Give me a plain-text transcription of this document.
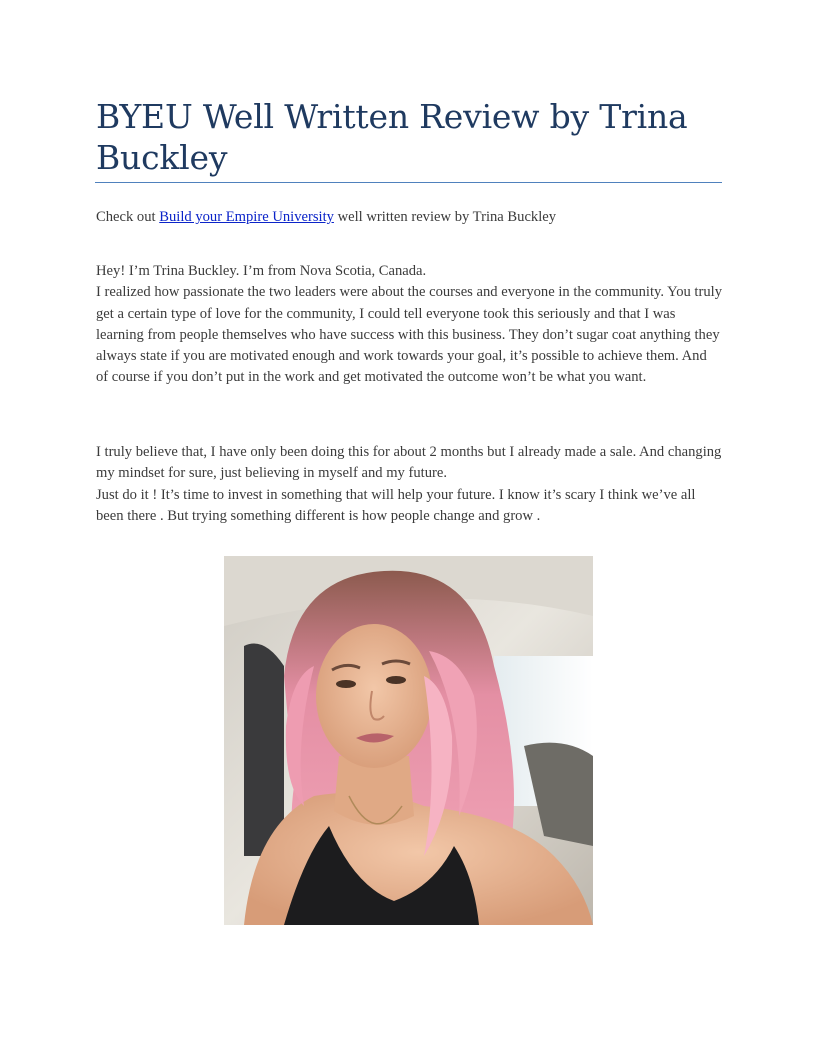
BYEU Well Written Review by Trina Buckley

Check out Build your Empire University well written review by Trina Buckley

Hey! I’m Trina Buckley. I’m from Nova Scotia, Canada.
I realized how passionate the two leaders were about the courses and everyone in the community. You truly get a certain type of love for the community, I could tell everyone took this seriously and that I was learning from people themselves who have success with this business. They don’t sugar coat anything they always state if you are motivated enough and work towards your goal, it’s possible to achieve them. And of course if you don’t put in the work and get motivated the outcome won’t be what you want.

I truly believe that, I have only been doing this for about 2 months but I already made a sale. And changing my mindset for sure, just believing in myself and my future.
Just do it ! It’s time to invest in something that will help your future. I know it’s scary I think we’ve all been there . But trying something different is how people change and grow .
